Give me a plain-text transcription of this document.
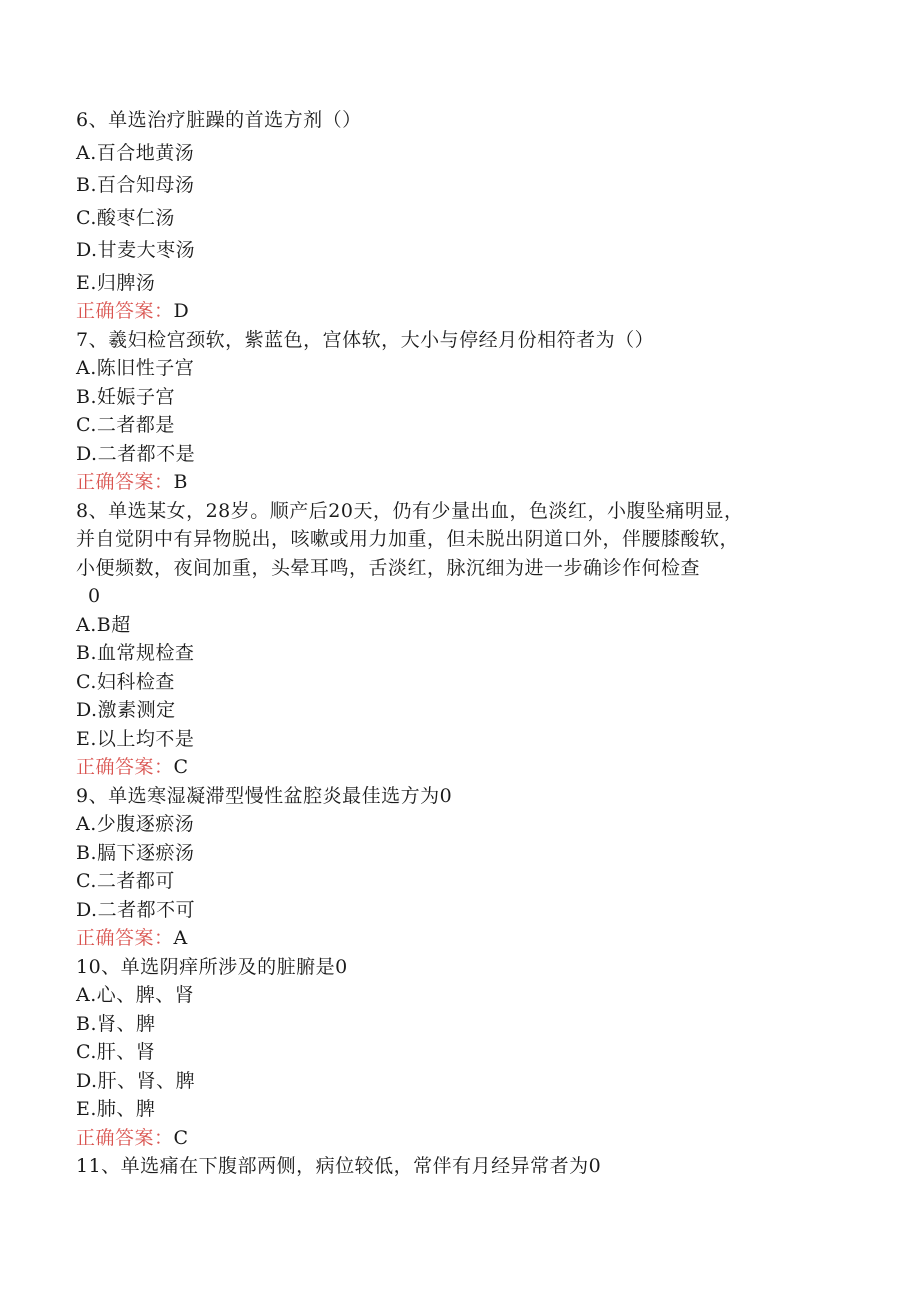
6、单选治疗脏躁的首选方剂（）
A.百合地黄汤
B.百合知母汤
C.酸枣仁汤
D.甘麦大枣汤
E.归脾汤
正确答案：D
7、羲妇检宫颈软，紫蓝色，宫体软，大小与停经月份相符者为（）
A.陈旧性子宫
B.妊娠子宫
C.二者都是
D.二者都不是
正确答案：B
8、单选某女，28岁。顺产后20天，仍有少量出血，色淡红，小腹坠痛明显，
并自觉阴中有异物脱出，咳嗽或用力加重，但未脱出阴道口外，伴腰膝酸软，
小便频数，夜间加重，头晕耳鸣，舌淡红，脉沉细为进一步确诊作何检查
0
A.B超
B.血常规检查
C.妇科检查
D.激素测定
E.以上均不是
正确答案：C
9、单选寒湿凝滞型慢性盆腔炎最佳选方为0
A.少腹逐瘀汤
B.膈下逐瘀汤
C.二者都可
D.二者都不可
正确答案：A
10、单选阴痒所涉及的脏腑是0
A.心、脾、肾
B.肾、脾
C.肝、肾
D.肝、肾、脾
E.肺、脾
正确答案：C
11、单选痛在下腹部两侧，病位较低，常伴有月经异常者为0
